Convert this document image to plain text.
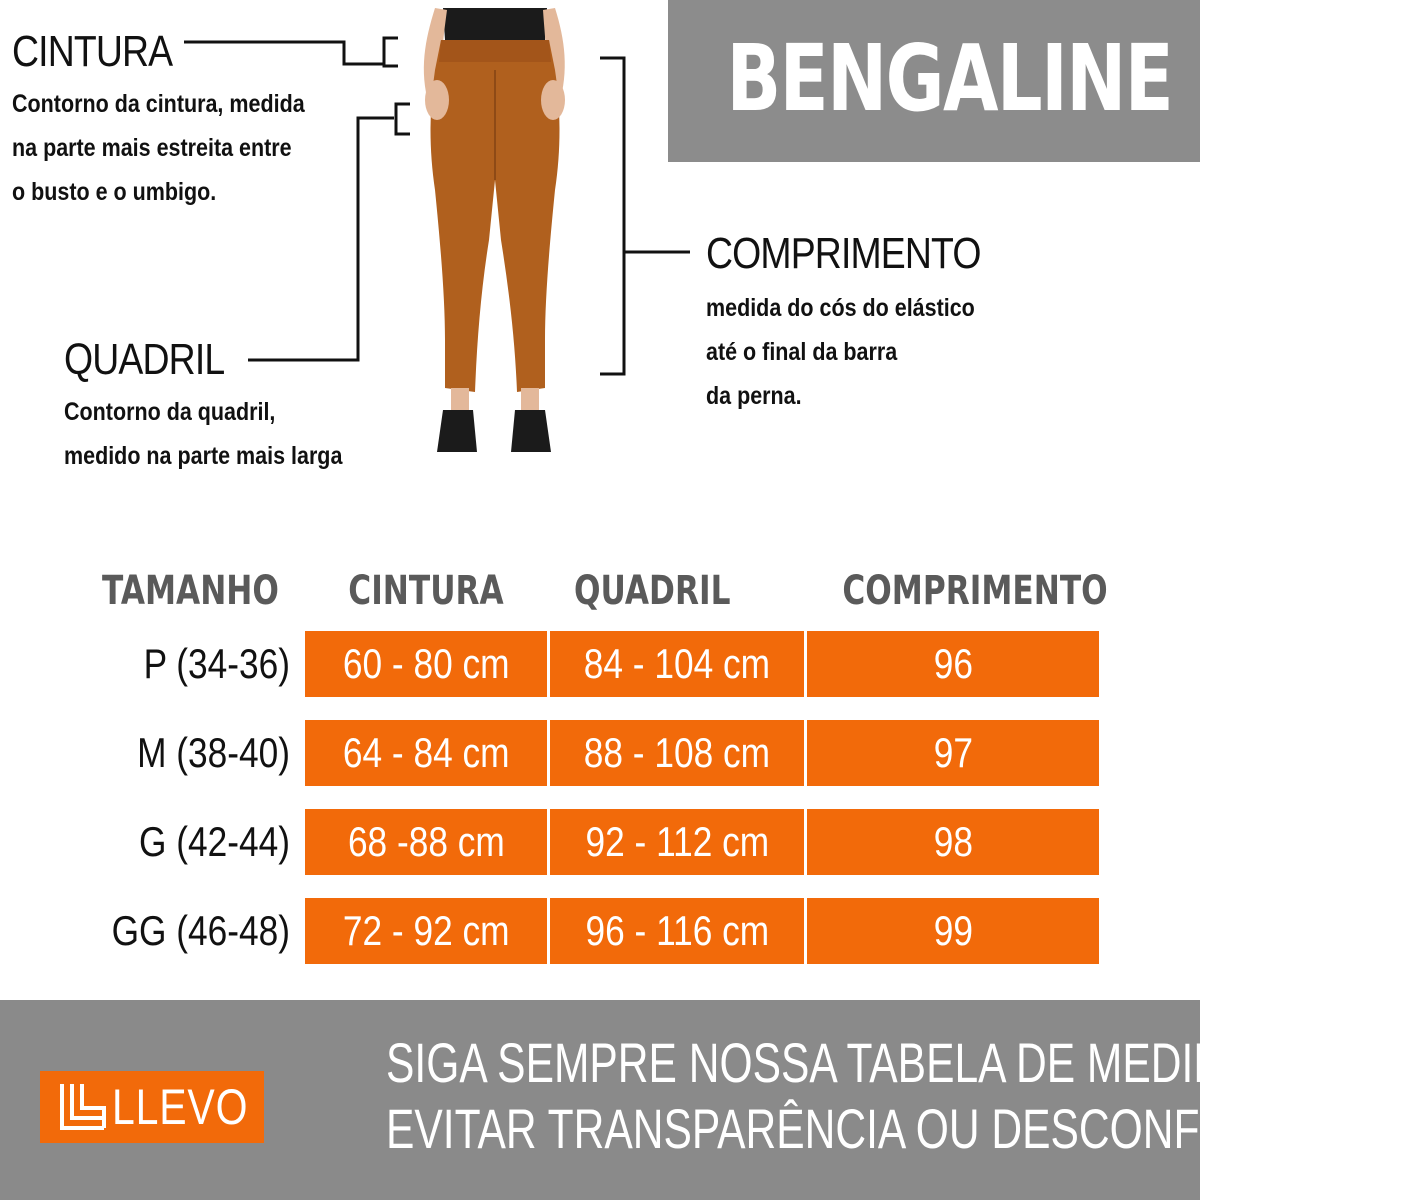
BENGALINE
CINTURA
Contorno da cintura, medida
na parte mais estreita entre
o busto e o umbigo.
QUADRIL
Contorno da quadril,
medido na parte mais larga
COMPRIMENTO
medida do cós do elástico
até o final da barra
da perna.
TAMANHO CINTURA QUADRIL	COMPRIMENTO
P (34-36)	60 - 80 cm	84 - 104 cm	96
M (38-40)	64 - 84 cm	88 - 108 cm	97
G (42-44)	68 -88 cm	92 - 112 cm	98
GG (46-48)	72 - 92 cm	96 - 116 cm	99
LLEVO
SIGA SEMPRE NOSSA TABELA DE MEDIDAS PARA
EVITAR TRANSPARÊNCIA OU DESCONFORTO
